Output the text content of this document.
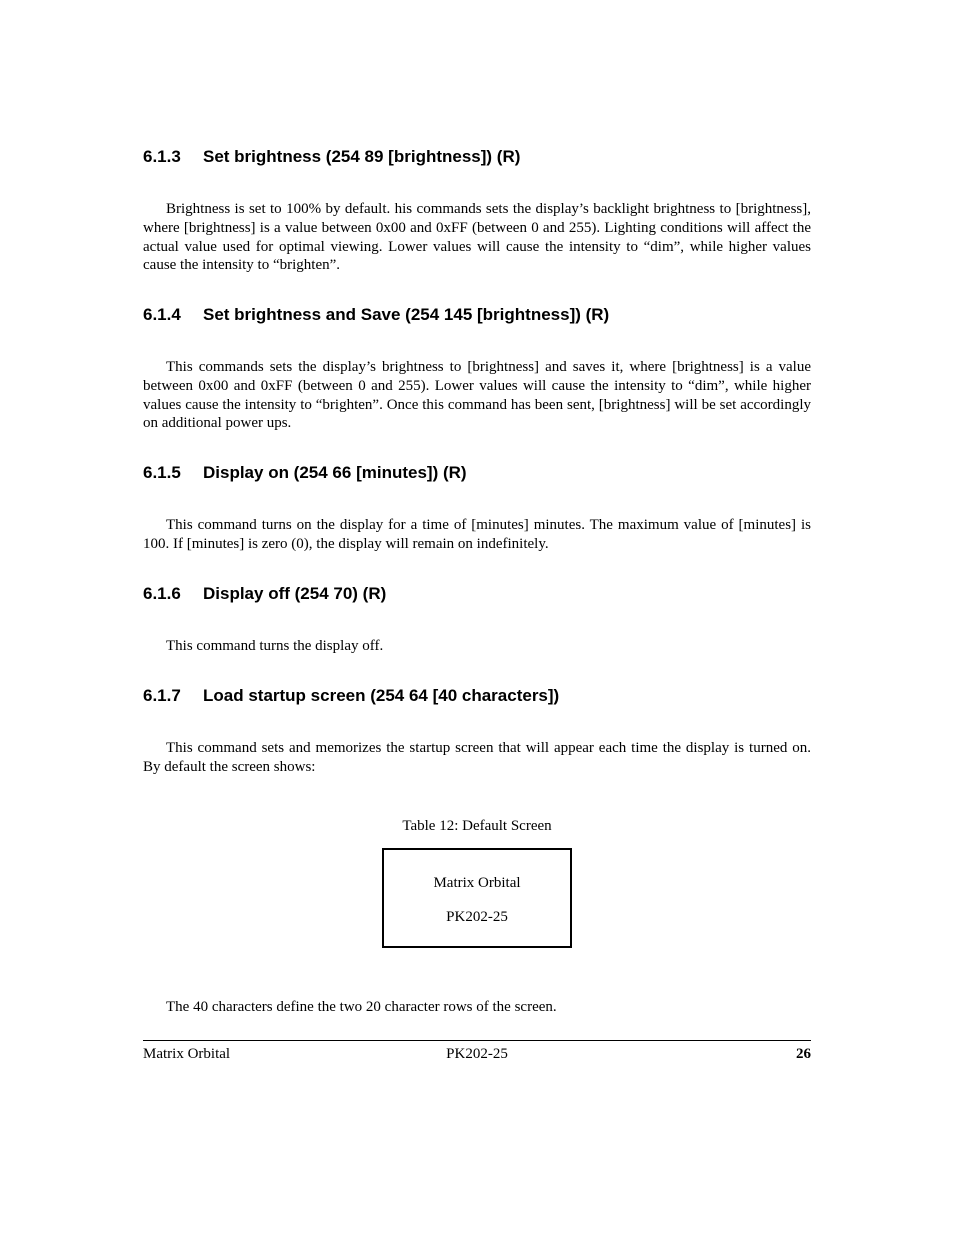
6.1.3 Set brightness (254 89 [brightness]) (R)

Brightness is set to 100% by default. his commands sets the display’s backlight brightness to [brightness], where [brightness] is a value between 0x00 and 0xFF (between 0 and 255). Lighting conditions will affect the actual value used for optimal viewing. Lower values will cause the intensity to “dim”, while higher values cause the intensity to “brighten”.

6.1.4 Set brightness and Save (254 145 [brightness]) (R)

This commands sets the display’s brightness to [brightness] and saves it, where [brightness] is a value between 0x00 and 0xFF (between 0 and 255). Lower values will cause the intensity to “dim”, while higher values cause the intensity to “brighten”. Once this command has been sent, [brightness] will be set accordingly on additional power ups.

6.1.5 Display on (254 66 [minutes]) (R)

This command turns on the display for a time of [minutes] minutes. The maximum value of [minutes] is 100. If [minutes] is zero (0), the display will remain on indefinitely.

6.1.6 Display off (254 70) (R)

This command turns the display off.

6.1.7 Load startup screen (254 64 [40 characters])

This command sets and memorizes the startup screen that will appear each time the display is turned on. By default the screen shows:

Table 12: Default Screen
Matrix Orbital
PK202-25

The 40 characters define the two 20 character rows of the screen.

Matrix Orbital	PK202-25	26
